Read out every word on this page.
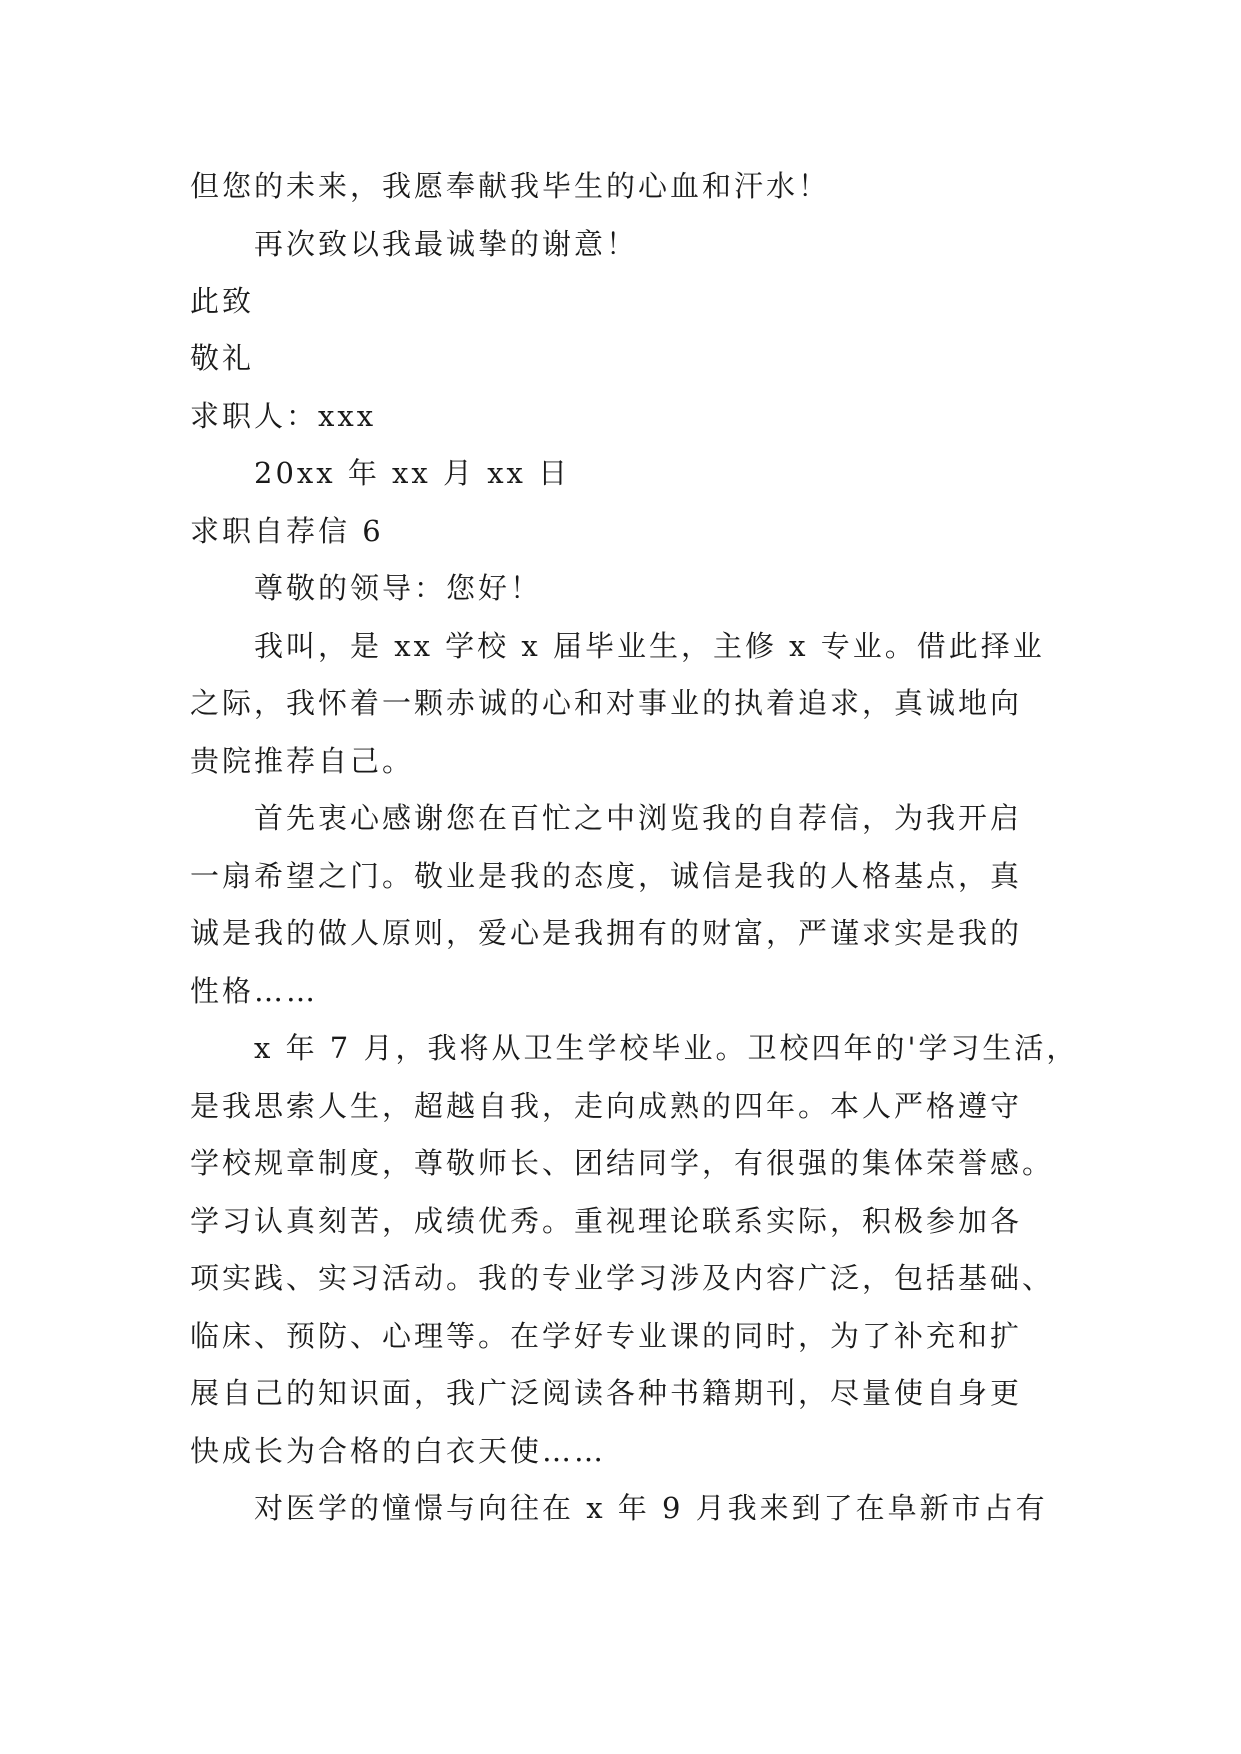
但您的未来，我愿奉献我毕生的心血和汗水！
再次致以我最诚挚的谢意！
此致
敬礼
求职人：xxx
20xx 年 xx 月 xx 日
求职自荐信 6
尊敬的领导：您好！
我叫，是 xx 学校 x 届毕业生，主修 x 专业。借此择业
之际，我怀着一颗赤诚的心和对事业的执着追求，真诚地向
贵院推荐自己。
首先衷心感谢您在百忙之中浏览我的自荐信，为我开启
一扇希望之门。敬业是我的态度，诚信是我的人格基点，真
诚是我的做人原则，爱心是我拥有的财富，严谨求实是我的
性格……
x 年 7 月，我将从卫生学校毕业。卫校四年的'学习生活，
是我思索人生，超越自我，走向成熟的四年。本人严格遵守
学校规章制度，尊敬师长、团结同学，有很强的集体荣誉感。
学习认真刻苦，成绩优秀。重视理论联系实际，积极参加各
项实践、实习活动。我的专业学习涉及内容广泛，包括基础、
临床、预防、心理等。在学好专业课的同时，为了补充和扩
展自己的知识面，我广泛阅读各种书籍期刊，尽量使自身更
快成长为合格的白衣天使……
对医学的憧憬与向往在 x 年 9 月我来到了在阜新市占有
